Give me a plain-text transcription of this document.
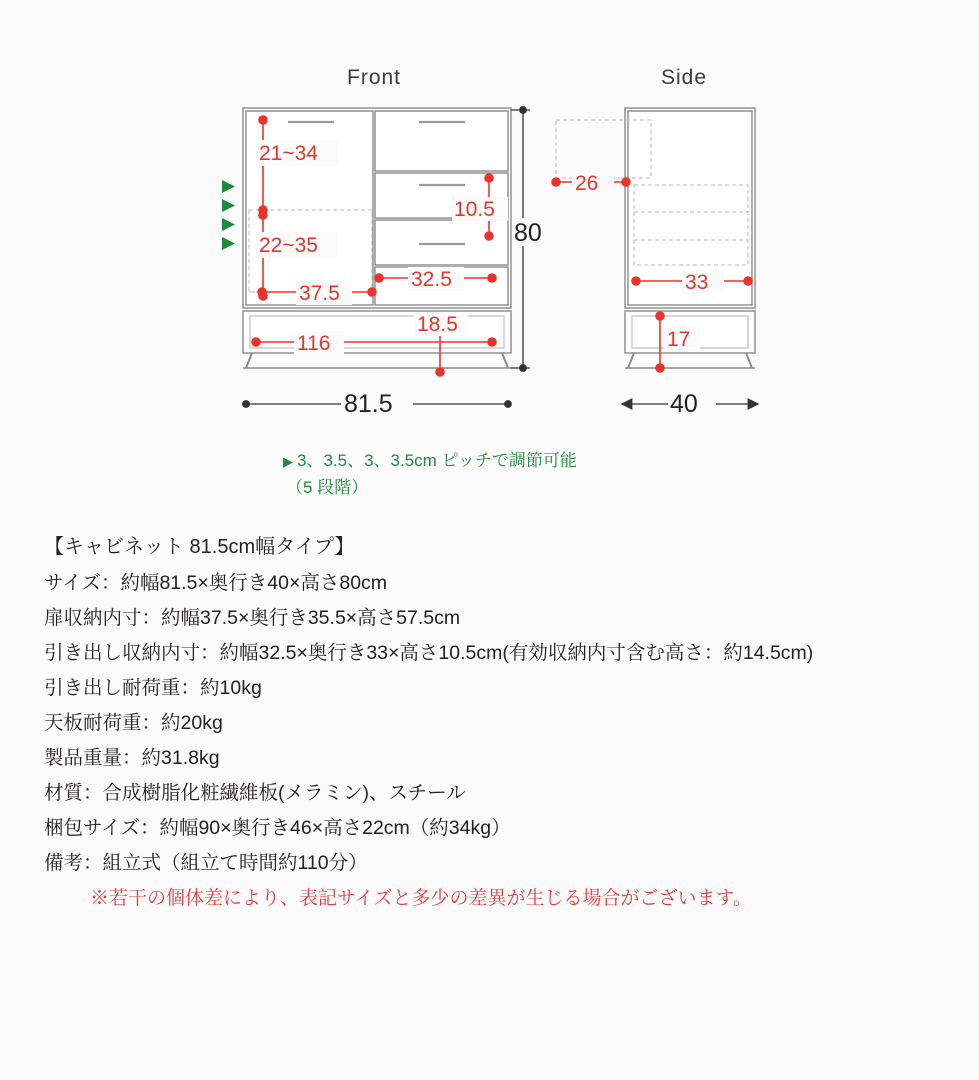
Front	Side
21~34
22~35
10.5
37.5
32.5
116
18.5
80
81.5
26
33
17
40
▶ 3、3.5、3、3.5cm ピッチで調節可能
（5 段階）
【キャビネット 81.5cm幅タイプ】
サイズ：約幅81.5×奥行き40×高さ80cm
扉収納内寸：約幅37.5×奥行き35.5×高さ57.5cm
引き出し収納内寸：約幅32.5×奥行き33×高さ10.5cm(有効収納内寸含む高さ：約14.5cm)
引き出し耐荷重：約10kg
天板耐荷重：約20kg
製品重量：約31.8kg
材質：合成樹脂化粧繊維板(メラミン)、スチール
梱包サイズ：約幅90×奥行き46×高さ22cm（約34kg）
備考：組立式（組立て時間約110分）
※若干の個体差により、表記サイズと多少の差異が生じる場合がございます。
